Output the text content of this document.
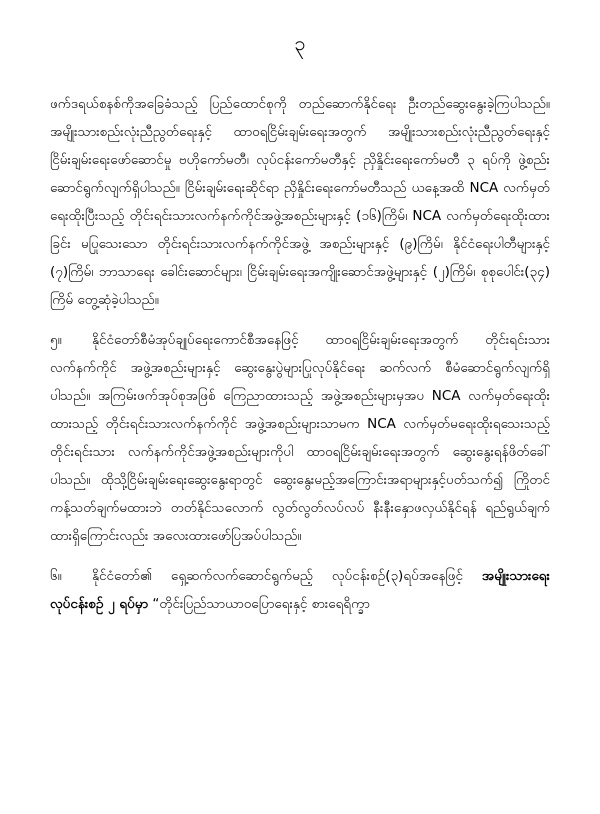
၃

ဖက်ဒရယ်စနစ်ကိုအခြေခံသည့် ပြည်ထောင်စုကို တည်ဆောက်နိုင်ရေး ဦးတည်ဆွေးနွေးခဲ့ကြပါသည်။ အမျိုးသားစည်းလုံးညီညွတ်ရေးနှင့် ထာဝရငြိမ်းချမ်းရေးအတွက် အမျိုးသားစည်းလုံးညီညွတ်ရေးနှင့်ငြိမ်းချမ်းရေးဖော်ဆောင်မှု ဗဟိုကော်မတီ၊ လုပ်ငန်းကော်မတီနှင့် ညှိနှိုင်းရေးကော်မတီ ၃ ရပ်ကို ဖွဲ့စည်းဆောင်ရွက်လျက်ရှိပါသည်။ ငြိမ်းချမ်းရေးဆိုင်ရာ ညှိနှိုင်းရေးကော်မတီသည် ယနေ့အထိ NCA လက်မှတ်ရေးထိုးပြီးသည့် တိုင်းရင်းသားလက်နက်ကိုင်အဖွဲ့အစည်းများနှင့် (၁၆)ကြိမ်၊ NCA လက်မှတ်ရေးထိုးထားခြင်း မပြုသေးသော တိုင်းရင်းသားလက်နက်ကိုင်အဖွဲ့ အစည်းများနှင့် (၉)ကြိမ်၊ နိုင်ငံရေးပါတီများနှင့် (၇)ကြိမ်၊ ဘာသာရေး ခေါင်းဆောင်များ၊ ငြိမ်းချမ်းရေးအကျိုးဆောင်အဖွဲ့များနှင့် (၂)ကြိမ်၊ စုစုပေါင်း(၃၄) ကြိမ် တွေ့ဆုံခဲ့ပါသည်။

၅။ နိုင်ငံတော်စီမံအုပ်ချုပ်ရေးကောင်စီအနေဖြင့် ထာဝရငြိမ်းချမ်းရေးအတွက် တိုင်းရင်းသားလက်နက်ကိုင် အဖွဲ့အစည်းများနှင့် ဆွေးနွေးပွဲများပြုလုပ်နိုင်ရေး ဆက်လက် စီမံဆောင်ရွက်လျက်ရှိပါသည်။ အကြမ်းဖက်အုပ်စုအဖြစ် ကြေညာထားသည့် အဖွဲ့အစည်းများမှအပ NCA လက်မှတ်ရေးထိုးထားသည့် တိုင်းရင်းသားလက်နက်ကိုင် အဖွဲ့အစည်းများသာမက NCA လက်မှတ်မရေးထိုးရသေးသည့် တိုင်းရင်းသား လက်နက်ကိုင်အဖွဲ့အစည်းများကိုပါ ထာဝရငြိမ်းချမ်းရေးအတွက် ဆွေးနွေးရန်ဖိတ်ခေါ်ပါသည်။ ထိုသို့ငြိမ်းချမ်းရေးဆွေးနွေးရာတွင် ဆွေးနွေးမည့်အကြောင်းအရာများနှင့်ပတ်သက်၍ ကြိုတင်ကန့်သတ်ချက်မထားဘဲ တတ်နိုင်သလောက် လွတ်လွတ်လပ်လပ် နီးနီးနှောဖလှယ်နိုင်ရန် ရည်ရွယ်ချက်ထားရှိကြောင်းလည်း အလေးထားဖော်ပြအပ်ပါသည်။

၆။ နိုင်ငံတော်၏ ရှေ့ဆက်လက်ဆောင်ရွက်မည့် လုပ်ငန်းစဉ်(၃)ရပ်အနေဖြင့် အမျိုးသားရေးလုပ်ငန်းစဉ် ၂ ရပ်မှာ “တိုင်းပြည်သာယာဝပြောရေးနှင့် စားရေရိက္ခာ
